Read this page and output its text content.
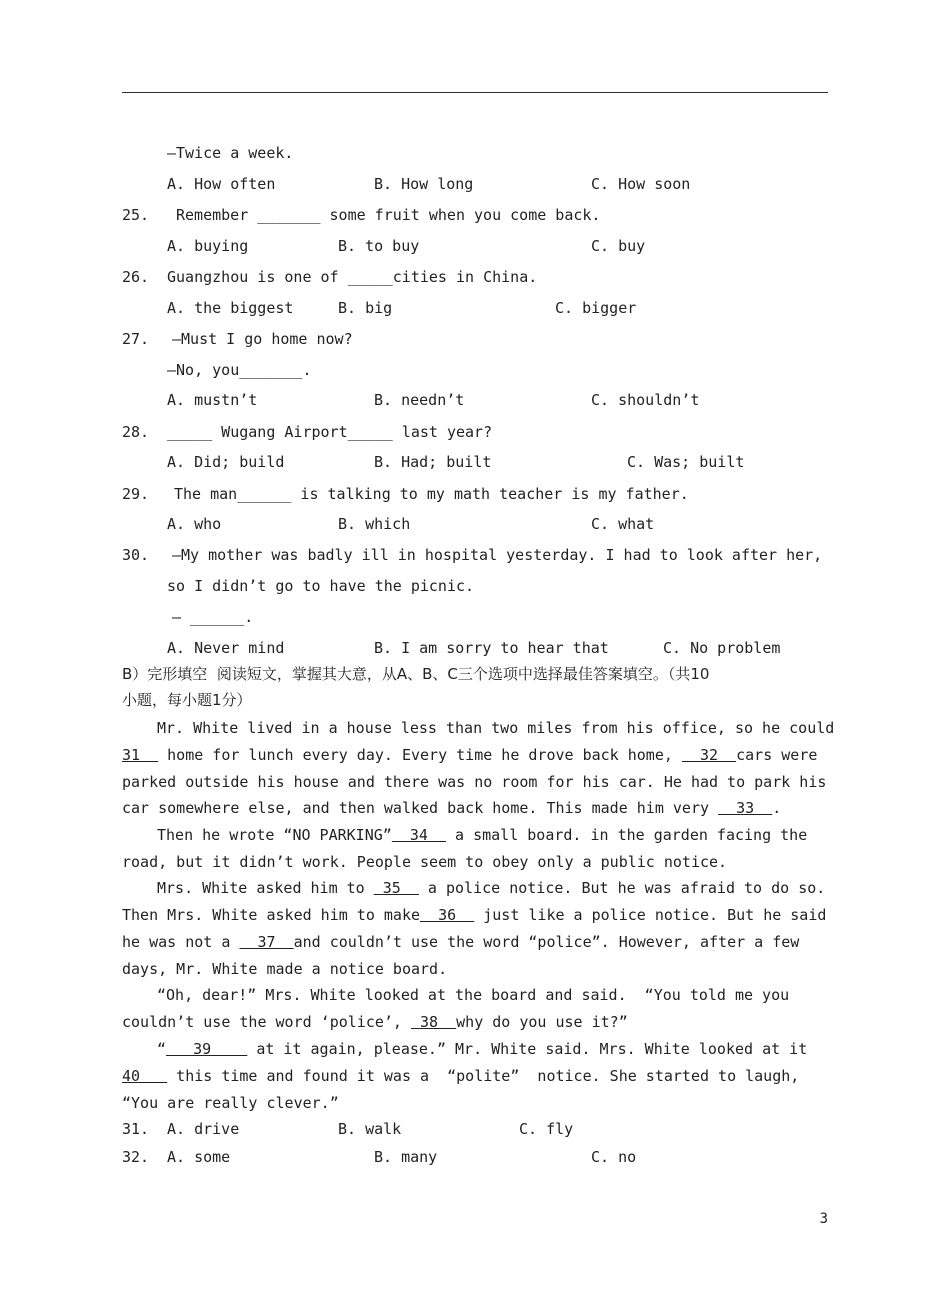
–Twice a week.
A. How often	B. How long	C. How soon
25. Remember _______ some fruit when you come back.
A. buying	B. to buy	C. buy
26. Guangzhou is one of _____cities in China.
A. the biggest	B. big	C. bigger
27. –Must I go home now?
–No, you_______.
A. mustn’t	B. needn’t	C. shouldn’t
28. _____ Wugang Airport_____ last year?
A. Did; build	B. Had; built	C. Was; built
29. The man______ is talking to my math teacher is my father.
A. who	B. which	C. what
30. –My mother was badly ill in hospital yesterday. I had to look after her,
so I didn’t go to have the picnic.
– ______.
A. Never mind	B. I am sorry to hear that	C. No problem
B）完形填空  阅读短文，掌握其大意，从A、B、C三个选项中选择最佳答案填空。（共10
小题，每小题1分）
Mr. White lived in a house less than two miles from his office, so he could
31   home for lunch every day. Every time he drove back home,   32  cars were
parked outside his house and there was no room for his car. He had to park his
car somewhere else, and then walked back home. This made him very   33  .
Then he wrote “NO PARKING”  34   a small board. in the garden facing the
road, but it didn’t work. People seem to obey only a public notice.
Mrs. White asked him to  35   a police notice. But he was afraid to do so.
Then Mrs. White asked him to make  36   just like a police notice. But he said
he was not a   37  and couldn’t use the word “police”. However, after a few
days, Mr. White made a notice board.
“Oh, dear!” Mrs. White looked at the board and said.  “You told me you
couldn’t use the word ‘police’,  38  why do you use it?”
“   39     at it again, please.” Mr. White said. Mrs. White looked at it
40    this time and found it was a  “polite”  notice. She started to laugh,
“You are really clever.”
31. A. drive	B. walk	C. fly
32. A. some	B. many	C. no
3
